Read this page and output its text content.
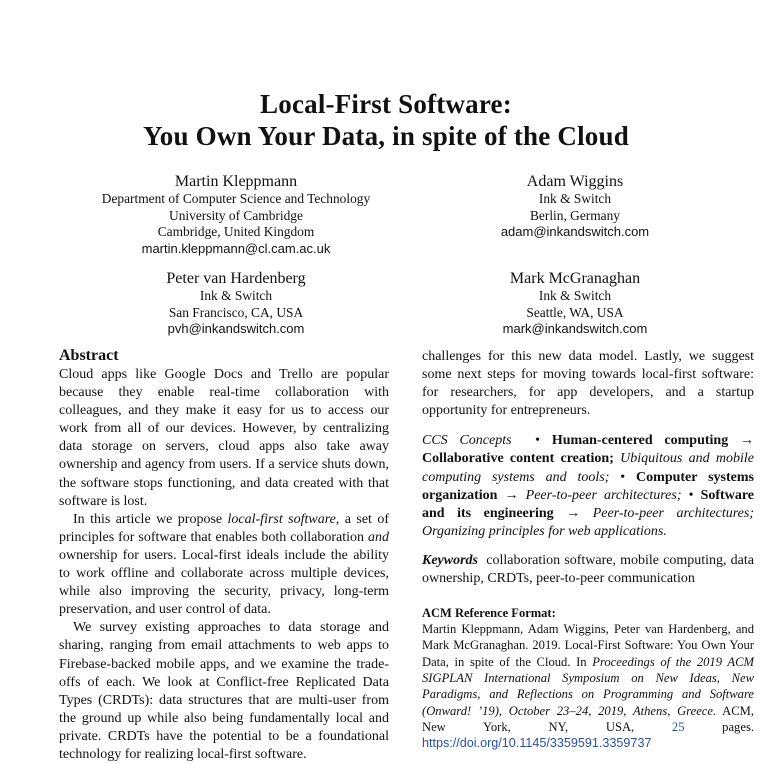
Local-First Software:
You Own Your Data, in spite of the Cloud
Martin Kleppmann
Department of Computer Science and Technology
University of Cambridge
Cambridge, United Kingdom
martin.kleppmann@cl.cam.ac.uk
Adam Wiggins
Ink & Switch
Berlin, Germany
adam@inkandswitch.com
Peter van Hardenberg
Ink & Switch
San Francisco, CA, USA
pvh@inkandswitch.com
Mark McGranaghan
Ink & Switch
Seattle, WA, USA
mark@inkandswitch.com

Abstract

Cloud apps like Google Docs and Trello are popular because they enable real-time collaboration with colleagues, and they make it easy for us to access our work from all of our devices. However, by centralizing data storage on servers, cloud apps also take away ownership and agency from users. If a service shuts down, the software stops functioning, and data created with that software is lost.

In this article we propose local-first software, a set of principles for software that enables both collaboration and ownership for users. Local-first ideals include the ability to work offline and collaborate across multiple devices, while also improving the security, privacy, long-term preservation, and user control of data.

We survey existing approaches to data storage and sharing, ranging from email attachments to web apps to Firebase-backed mobile apps, and we examine the trade-offs of each. We look at Conflict-free Replicated Data Types (CRDTs): data structures that are multi-user from the ground up while also being fundamentally local and private. CRDTs have the potential to be a foundational technology for realizing local-first software.

challenges for this new data model. Lastly, we suggest some next steps for moving towards local-first software: for researchers, for app developers, and a startup opportunity for entrepreneurs.

CCS Concepts  • Human-centered computing → Collaborative content creation; Ubiquitous and mobile computing systems and tools; • Computer systems organization → Peer-to-peer architectures; • Software and its engineering → Peer-to-peer architectures; Organizing principles for web applications.

Keywords collaboration software, mobile computing, data ownership, CRDTs, peer-to-peer communication

ACM Reference Format:

Martin Kleppmann, Adam Wiggins, Peter van Hardenberg, and Mark McGranaghan. 2019. Local-First Software: You Own Your Data, in spite of the Cloud. In Proceedings of the 2019 ACM SIGPLAN International Symposium on New Ideas, New Paradigms, and Reflections on Programming and Software (Onward! ’19), October 23–24, 2019, Athens, Greece. ACM, New York, NY, USA, 25 pages. https://doi.org/10.1145/3359591.3359737
